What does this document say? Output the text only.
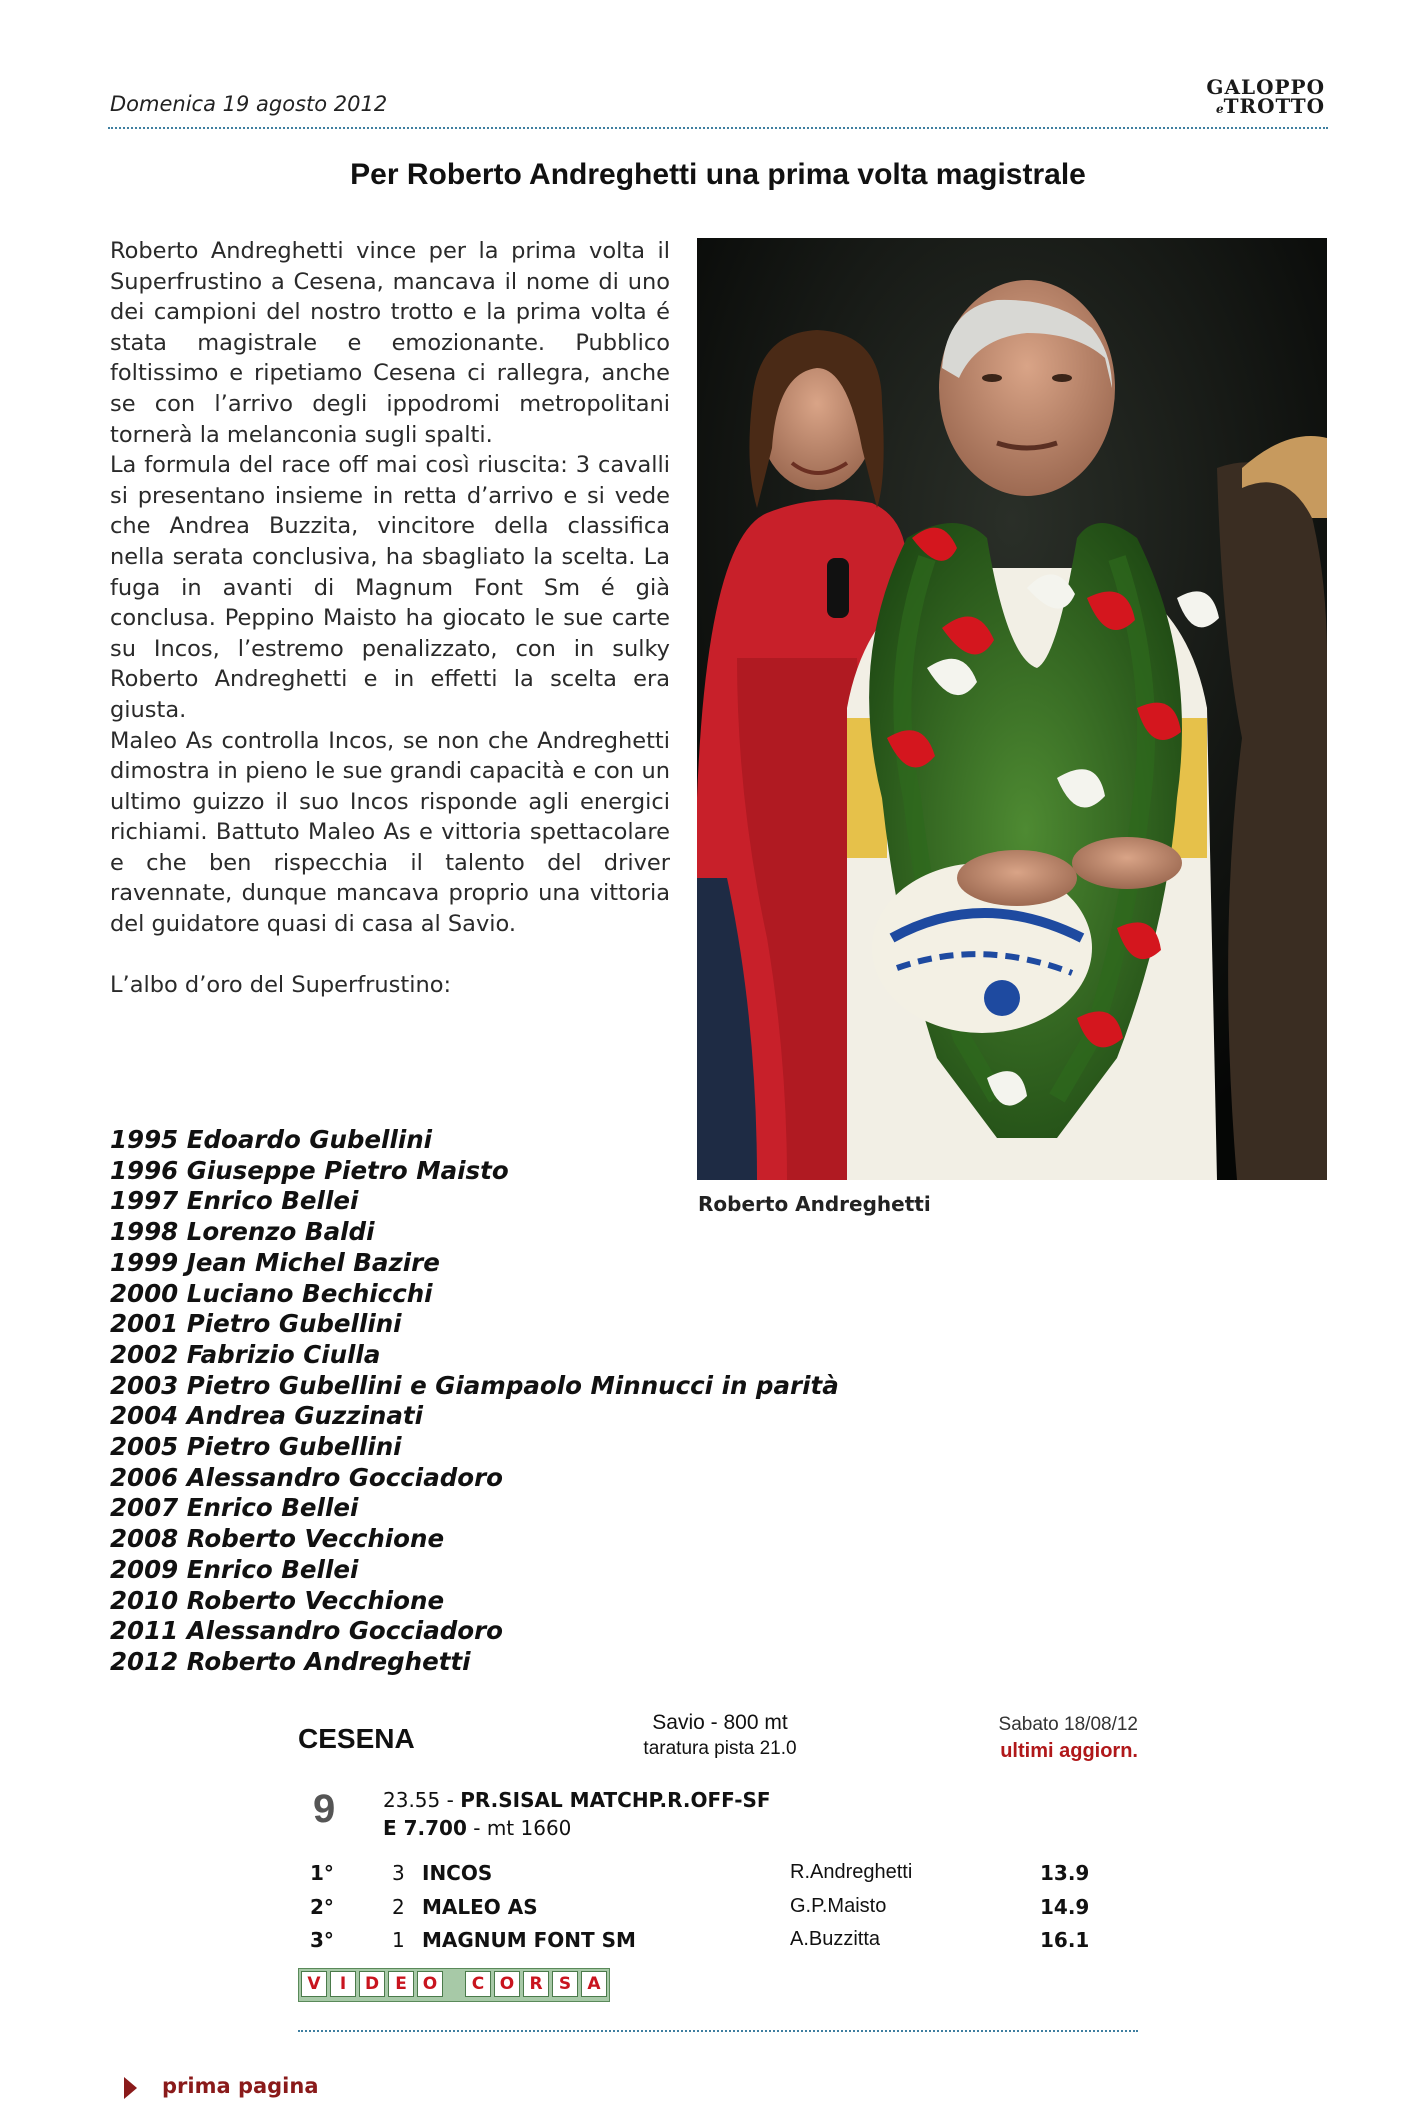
Domenica 19 agosto 2012
GALOPPO
eTROTTO
Per Roberto Andreghetti una prima volta magistrale

Roberto Andreghetti vince per la prima volta il Superfrustino a Cesena, mancava il nome di uno dei campioni del nostro trotto e la prima volta é stata magistrale e emozionante. Pubblico foltissimo e ripetiamo Cesena ci rallegra, anche se con l’arrivo degli ippodromi metropolitani tornerà la melanconia sugli spalti.

La formula del race off mai così riuscita: 3 cavalli si presentano insieme in retta d’arrivo e si vede che Andrea Buzzita, vincitore della classifica nella serata conclusiva, ha sbagliato la scelta. La fuga in avanti di Magnum Font Sm é già conclusa. Peppino Maisto ha giocato le sue carte su Incos, l’estremo penalizzato, con in sulky Roberto Andreghetti e in effetti la scelta era giusta.

Maleo As controlla Incos, se non che Andreghetti dimostra in pieno le sue grandi capacità e con un ultimo guizzo il suo Incos risponde agli energici richiami. Battuto Maleo As e vittoria spettacolare e che ben rispecchia il talento del driver ravennate, dunque mancava proprio una vittoria del guidatore quasi di casa al Savio.

L’albo d’oro del Superfrustino:

Roberto Andreghetti
1995 Edoardo Gubellini
1996 Giuseppe Pietro Maisto
1997 Enrico Bellei
1998 Lorenzo Baldi
1999 Jean Michel Bazire
2000 Luciano Bechicchi
2001 Pietro Gubellini
2002 Fabrizio Ciulla
2003 Pietro Gubellini e Giampaolo Minnucci in parità
2004 Andrea Guzzinati
2005 Pietro Gubellini
2006 Alessandro Gocciadoro
2007 Enrico Bellei
2008 Roberto Vecchione
2009 Enrico Bellei
2010 Roberto Vecchione
2011 Alessandro Gocciadoro
2012 Roberto Andreghetti
CESENA
Savio - 800 mt
taratura pista 21.0
Sabato 18/08/12
ultimi aggiorn.
9 23.55 - PR.SISAL MATCHP.R.OFF-SF
E 7.700 - mt 1660
1°	3 INCOS	R.Andreghetti	13.9
2°	2 MALEO AS	G.P.Maisto	14.9
3°	1 MAGNUM FONT SM	A.Buzzitta	16.1
V	I	D E O	C O R S A
prima pagina
